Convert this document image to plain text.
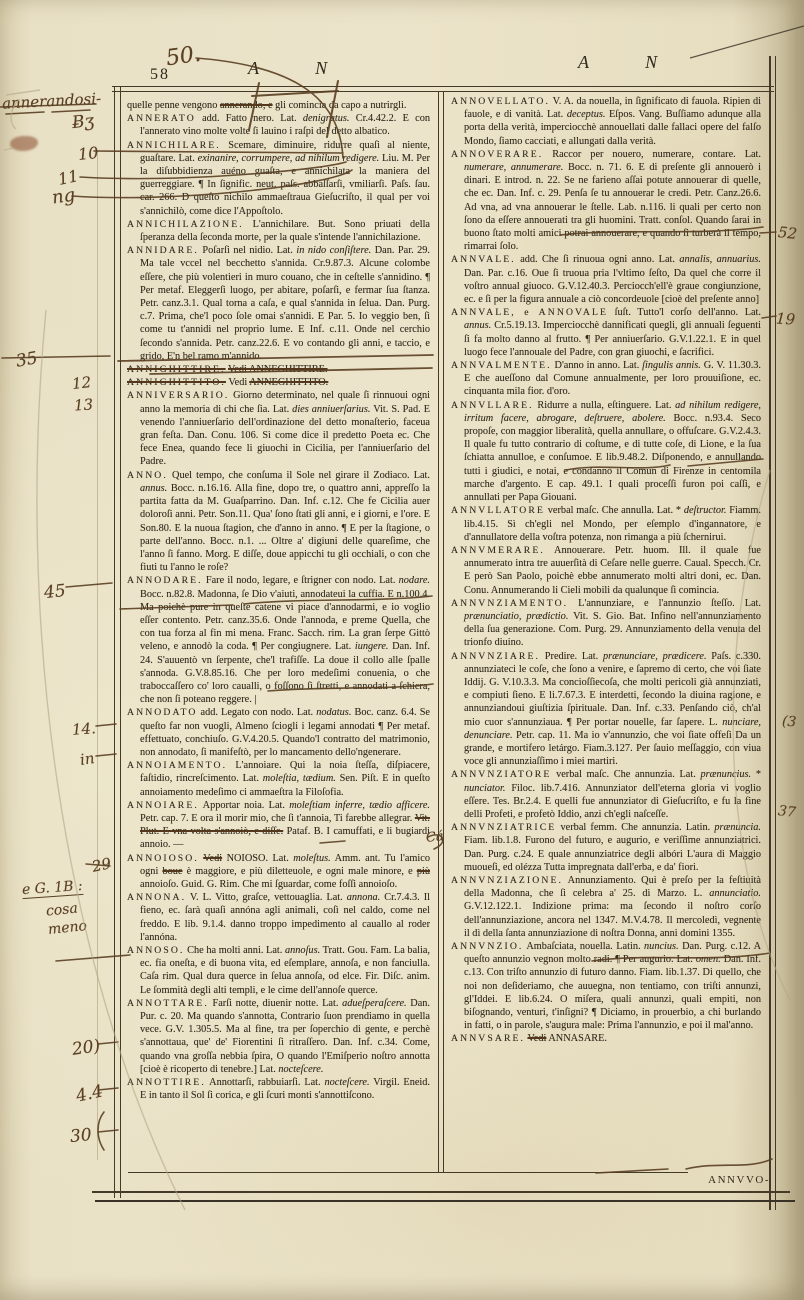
58	A N	A N

quelle penne vengono annerando, e gli comincia da capo a nutrirgli.

ANNERATO add. Fatto nero. Lat. denigratus. Cr.4.42.2. E con l'annerato vino molte volte ſi lauino i raſpi del detto albatico.

ANNICHILARE. Scemare, diminuire, ridurre quaſi al niente, guaſtare. Lat. exinanire, corrumpere, ad nihilum redigere. Liu. M. Per la diſubbidienza auéno guaſta, e annichilata la maniera del guerreggiare. ¶ In ſignific. neut. paſs. abbaſſarſi, vmiliarſi. Paſs. ſau. car. 266. D queſto nichilo ammaeſtraua Gieſucriſto, il qual per voi s'annichilò, come dice l'Appoſtolo.

ANNICHILAZIONE. L'annichilare. But. Sono priuati della ſperanza della ſeconda morte, per la quale s'intende l'annichilazione.

ANNIDARE. Poſarſi nel nidio. Lat. in nido conſiſtere. Dan. Par. 29. Ma tale vccel nel becchetto s'annida. Cr.9.87.3. Alcune colombe eſſere, che più volentieri in muro couano, che in ceſtelle s'annidino. ¶ Per metaf. Eleggerſi luogo, per abitare, poſarſi, e fermar ſua ſtanza. Petr. canz.3.1. Qual torna a caſa, e qual s'annida in ſelua. Dan. Purg. c.7. Prima, che'l poco ſole omai s'annidi. E Par. 5. Io veggio ben, ſì come tu t'annidi nel proprio lume. E Inf. c.11. Onde nel cerchio ſecondo s'annida. Petr. canz.22.6. E vo contando gli anni, e taccio, e grido, E'n bel ramo m'annido.

ANNIGHITTIRE. Vedi ANNEGHITTIRE.

ANNIGHITTITO. Vedi ANNEGHITTITO.

ANNIVERSARIO. Giorno determinato, nel quale ſi rinnuoui ogni anno la memoria di chi che ſia. Lat. dies anniuerſarius. Vit. S. Pad. E venendo l'anniuerſario dell'ordinazione del detto monaſterio, faceua gran feſta. Dan. Conu. 106. Sì come dice il predetto Poeta ec. Che fece Enea, quando fece li giuochi in Cicilia, per l'anniuerſario del Padre.

ANNO. Quel tempo, che conſuma il Sole nel girare il Zodiaco. Lat. annus. Bocc. n.16.16. Alla fine, dopo tre, o quattro anni, appreſſo la partita fatta da M. Guaſparrino. Dan. Inf. c.12. Che fe Cicilia auer doloroſi anni. Petr. Son.11. Qua' ſono ſtati gli anni, e i giorni, e l'ore. E Son.80. E la nuoua ſtagion, che d'anno in anno. ¶ E per la ſtagione, o parte dell'anno. Bocc. n.1. ... Oltre a' digiuni delle quareſime, che l'anno ſi fanno. Morg. E diſſe, doue appicchi tu gli occhiali, o con che fiuti tu l'anno le roſe?

ANNODARE. Fare il nodo, legare, e ſtrigner con nodo. Lat. nodare. Bocc. n.82.8. Madonna, ſe Dio v'aiuti, annodateui la cuffia. E n.100.4. Ma poichè pure in queſte catene vi piace d'annodarmi, e io voglio eſſer contento. Petr. canz.35.6. Onde l'annoda, e preme Quella, che con tua forza al fin mi mena. Franc. Sacch. rim. La gran ſerpe Gittò veleno, e annodò la coda. ¶ Per congiugnere. Lat. iungere. Dan. Inf. 24. S'auuentò vn ſerpente, che'l trafiſſe. La doue il collo alle ſpalle s'annoda. G.V.8.85.16. Che per loro medeſimi conuenia, o che traboccaſſero co' loro caualli, o foſſono ſì ſtretti, e annodati a ſchiera, che non ſi poteano reggere. |

ANNODATO add. Legato con nodo. Lat. nodatus. Boc. canz. 6.4. Se queſto far non vuogli, Almeno ſciogli i legami annodati ¶ Per metaf. effettuato, conchiuſo. G.V.4.20.5. Quando'l contratto del matrimonio, non annodato, ſi manifeſtò, per lo mancamento dello'ngenerare.

ANNOIAMENTO. L'annoiare. Qui la noia ſteſſa, diſpiacere, faſtidio, rincreſcimento. Lat. moleſtia, tædium. Sen. Piſt. E in queſto annoiamento medeſimo ci ammaeſtra la Filoſofia.

ANNOIARE. Apportar noia. Lat. moleſtiam inferre, tædio afficere. Petr. cap. 7. E ora il morir mio, che ſi t'annoia, Ti farebbe allegrar. Vit. Plut. E vna volta s'annoiò, e diſſe. Pataf. B. I camuffati, e li bugiardi annoio. —

ANNOIOSO. Vedi NOIOSO. Lat. moleſtus. Amm. ant. Tu l'amico ogni boue è maggiore, e più diletteuole, e ogni male minore, e più annoioſo. Guid. G. Rim. Che mi ſguardar, come foſſi annoioſo.

ANNONA. V. L. Vitto, graſce, vettouaglia. Lat. annona. Cr.7.4.3. Il fieno, ec. ſarà quaſi annóna agli animali, coſì nel caldo, come nel freddo. E lib. 9.1.4. danno troppo impedimento al cauallo al roder l'annóna.

ANNOSO. Che ha molti anni. Lat. annoſus. Tratt. Gou. Fam. La balia, ec. fia oneſta, e di buona vita, ed eſemplare, annoſa, e non fanciulla. Caſa rim. Qual dura querce in ſelua annoſa, od elce. Fir. Diſc. anim. Le ſommità degli alti templi, e le cime dell'annoſe querce.

ANNOTTARE. Farſi notte, diuenir notte. Lat. adueſperaſcere. Dan. Pur. c. 20. Ma quando s'annotta, Contrario ſuon prendiamo in quella vece. G.V. 1.305.5. Ma al fine, tra per ſoperchio di gente, e perchè s'annottaua, que' de' Fiorentini ſi ritraſſero. Dan. Inf. c.34. Come, quando vna groſſa nebbia ſpira, O quando l'Emiſperio noſtro annotta [cioè è ricoperto di tenebre.] Lat. nocteſcere.

ANNOTTIRE. Annottarſi, rabbuiarſi. Lat. nocteſcere. Virgil. Eneid. E in tanto il Sol ſi corica, e gli ſcuri monti s'annottiſcono.

ANNOVELLATO. V. A. da nouella, in ſignificato di fauola. Ripien di fauole, e di vanità. Lat. deceptus. Eſpos. Vang. Buſſiamo adunque alla porta della verità, imperciocchè annouellati dalle fallaci opere del falſo Mondo, ſiamo cacciati, e allungati dalla verità.

ANNOVERARE. Raccor per nouero, numerare, contare. Lat. numerare, annumerare. Bocc. n. 71. 6. E di preſente gli annouerò i dinari. E introd. n. 22. Se ne farieno aſſai potute annouerar di quelle, che ec. Dan. Inf. c. 29. Penſa ſe tu annouerar le credi. Petr. Canz.26.6. Ad vna, ad vna annouerar le ſtelle. Lab. n.116. li quali per certo non ſono da eſſere annouerati tra gli huomini. Tratt. conſol. Quando ſarai in buono ſtato molti amici potrai annouerare, e quando ſi turberà il tempo, rimarrai ſolo.

ANNVALE. add. Che ſi rinuoua ogni anno. Lat. annalis, annuarius. Dan. Par. c.16. Oue ſi truoua pria l'vltimo ſeſto, Da quel che corre il voſtro annual giuoco. G.V.12.40.3. Perciocch'ell'è graue congiunzione, ec. e ſì per la figura annuale a ciò concordeuole [cioè del preſente anno]

ANNVALE, e ANNOVALE ſuſt. Tutto'l corſo dell'anno. Lat. annus. Cr.5.19.13. Imperciocchè dannificati quegli, gli annuali ſeguenti ſi fa molto danno al frutto. ¶ Per anniuerſario. G.V.1.22.1. E in quel luogo fece l'annouale del Padre, con gran giuochi, e ſacrifici.

ANNVALMENTE. D'anno in anno. Lat. ſingulis annis. G. V. 11.30.3. E che aueſſono dal Comune annualmente, per loro prouuiſione, ec. cinquanta mila fior. d'oro.

ANNVLLARE. Ridurre a nulla, eſtinguere. Lat. ad nihilum redigere, irritum facere, abrogare, deſtruere, abolere. Bocc. n.93.4. Seco propoſe, con maggior liberalità, quella annullare, o offuſcare. G.V.2.4.3. Il quale fu tutto contrario di coſtume, e di tutte coſe, di Lione, e la ſua ſchiatta annulloe, e conſumoe. E lib.9.48.2. Diſponendo, e annullando tutti i giudici, e notai, e condannò il Comun di Firenze in centomila marche d'argento. E cap. 49.1. I quali proceſſi furon poi caſſi, e annullati per Papa Giouani.

ANNVLLATORE verbal maſc. Che annulla. Lat. * deſtructor. Fiamm. lib.4.15. Sì ch'egli nel Mondo, per eſemplo d'ingannatore, e d'annullatore della voſtra potenza, non rimanga a più ſchernirui.

ANNVMERARE. Annouerare. Petr. huom. Ill. il quale fue annumerato intra tre auuerſità di Ceſare nelle guerre. Caual. Specch. Cr. E però San Paolo, poichè ebbe annumerato molti altri doni, ec. Dan. Conu. Annumerando li Cieli mobili da qualunque ſi comincia.

ANNVNZIAMENTO. L'annunziare, e l'annunzio ſteſſo. Lat. prænunciatio, prædictio. Vit. S. Gio. Bat. Infino nell'annunziamento della ſua generazione. Com. Purg. 29. Annunziamento della venuta del trionfo diuino.

ANNVNZIARE. Predire. Lat. prænunciare, prædicere. Paſs. c.330. annunziateci le coſe, che ſono a venire, e ſapremo di certo, che voi ſiate Iddij. G. V.10.3.3. Ma concioſſiecoſa, che molti pericoli già annunziati, e compiuti ſieno. E li.7.67.3. E interdetti, ſecondo la diuina ragione, e annunziandoui giuſtizia ſpirituale. Dan. Inf. c.33. Penſando ciò, ch'al mio cuor s'annunziaua. ¶ Per portar nouelle, far ſapere. L. nunciare, denunciare. Petr. cap. 11. Ma io v'annunzio, che voi ſiate offeſi Da un grande, e mortifero letárgo. Fiam.3.127. Per ſauio meſſaggio, con viua voce gli annunziaſſimo i miei martiri.

ANNVNZIATORE verbal maſc. Che annunzia. Lat. prænuncius. * nunciator. Filoc. lib.7.416. Annunziator dell'eterna gloria vi voglio eſſere. Tes. Br.2.4. E quelli fue annunziator di Gieſucriſto, e fu la fine delli Profeti, e profetò Iddio, anzi ch'egli naſceſſe.

ANNVNZIATRICE verbal femm. Che annunzia. Latin. prænuncia. Fiam. lib.1.8. Furono del futuro, e augurio, e veriſſime annunziatrici. Dan. Purg. c.24. E quale annunziatrice degli albóri L'aura di Maggio muoueſi, ed olézza Tutta impregnata dall'erba, e da' fiori.

ANNVNZIAZIONE. Annunziamento. Qui è preſo per la feſtiuità della Madonna, che ſi celebra a' 25. di Marzo. L. annunciatio. G.V.12.122.1. Indizione prima: ma ſecondo il noſtro corſo dell'annunziazione, ancora nel 1347. M.V.4.78. Il mercoledì, vegnente il dì della ſanta annunziazione di noſtra Donna, anni domini 1355.

ANNVNZIO. Ambaſciata, nouella. Latin. nuncius. Dan. Purg. c.12. A queſto annunzio vegnon molto radi. ¶ Per augurio. Lat. omen. Dan. Inf. c.13. Con triſto annunzio di futuro danno. Fiam. lib.1.37. Di quello, che noi non deſideriamo, che auuegna, non tentiamo, con triſti annunzi, gl'Iddei. E lib.6.24. O miſera, quali annunzi, quali empiti, non biſognando, venturi, t'inſigni? ¶ Diciamo, in prouerbio, a chi burlando in fatti, o in parole, s'augura male: Prima l'annunzio, e poi il mal'anno.

ANNVSARE. Vedi ANNASARE.

ANNVVO-
50.
annerandosi-
Ƀʒ
10
11
ng
35
12
13
45
14.
in
29
e G. 1B :
cosa
meno
20)
4.4
30
Cá
52
19
(3
37
